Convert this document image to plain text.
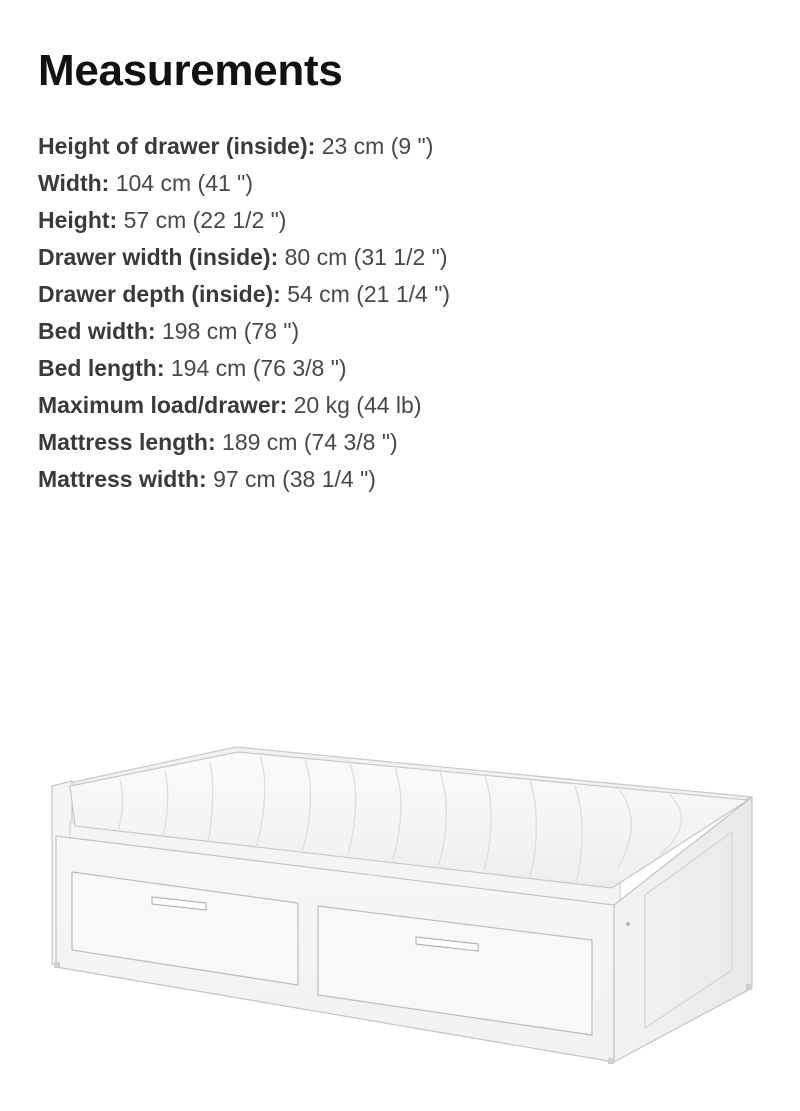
Measurements
Height of drawer (inside): 23 cm (9 ")
Width: 104 cm (41 ")
Height: 57 cm (22 1/2 ")
Drawer width (inside): 80 cm (31 1/2 ")
Drawer depth (inside): 54 cm (21 1/4 ")
Bed width: 198 cm (78 ")
Bed length: 194 cm (76 3/8 ")
Maximum load/drawer: 20 kg (44 lb)
Mattress length: 189 cm (74 3/8 ")
Mattress width: 97 cm (38 1/4 ")
